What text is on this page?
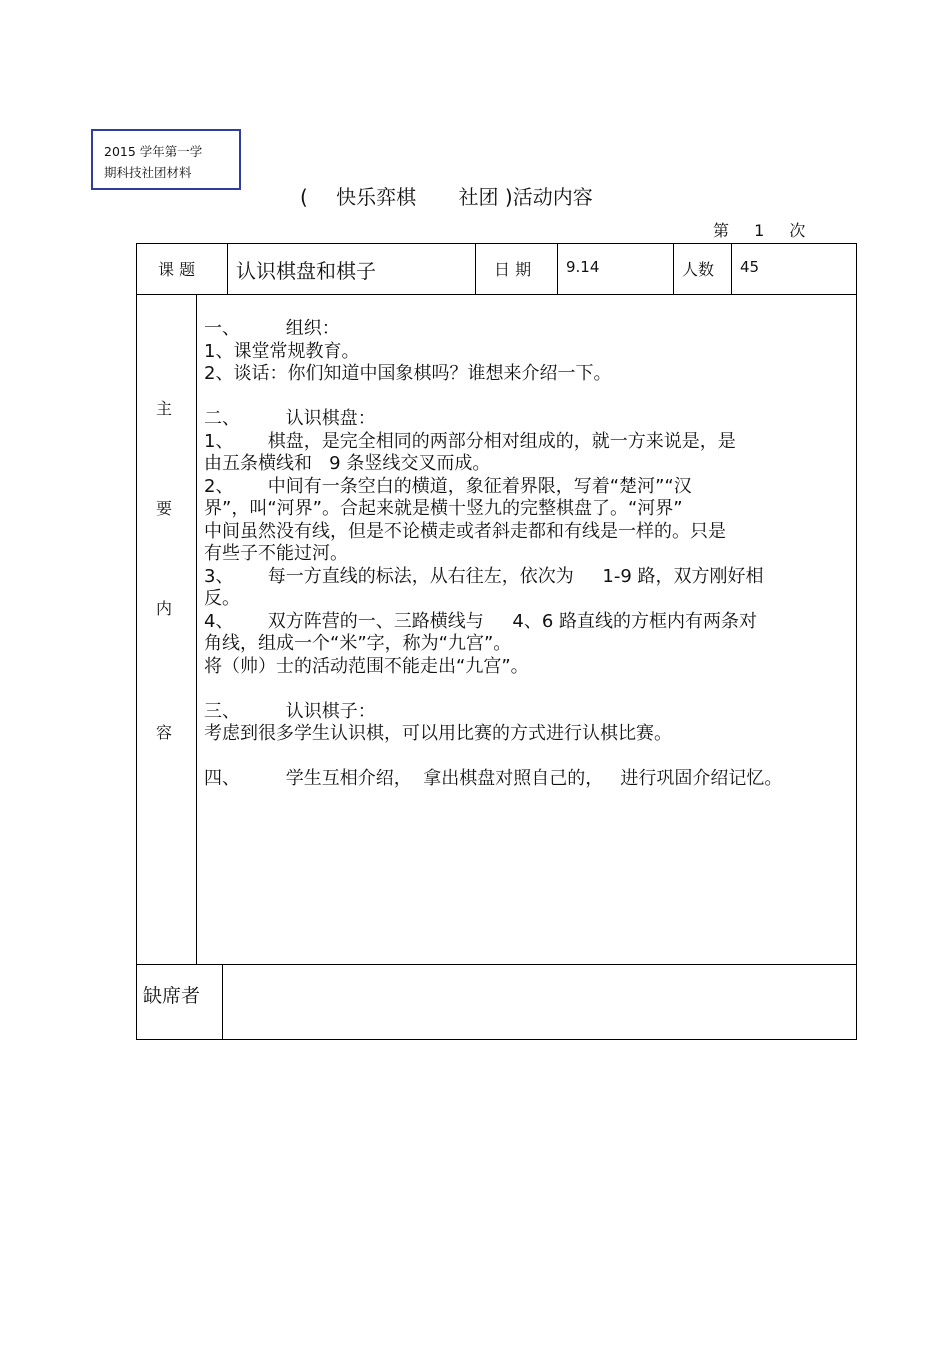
2015 学年第一学
期科技社团材料
( 快乐弈棋 社团 )活动内容
第 1 次
课 题 认识棋盘和棋子	日 期 9.14	人数 45
主
要
内
容
缺席者
一、        组织：
1、课堂常规教育。
2、谈话：你们知道中国象棋吗？谁想来介绍一下。
二、        认识棋盘：
1、      棋盘，是完全相同的两部分相对组成的，就一方来说是，是
由五条横线和   9 条竖线交叉而成。
2、      中间有一条空白的横道，象征着界限，写着“楚河”“汉
界”，叫“河界”。合起来就是横十竖九的完整棋盘了。“河界”
中间虽然没有线，但是不论横走或者斜走都和有线是一样的。只是
有些子不能过河。
3、      每一方直线的标法，从右往左，依次为     1-9 路，双方刚好相
反。
4、      双方阵营的一、三路横线与     4、6 路直线的方框内有两条对
角线，组成一个“米”字，称为“九宫”。
将（帅）士的活动范围不能走出“九宫”。
三、        认识棋子：
考虑到很多学生认识棋，可以用比赛的方式进行认棋比赛。
四、        学生互相介绍，  拿出棋盘对照自己的，   进行巩固介绍记忆。
